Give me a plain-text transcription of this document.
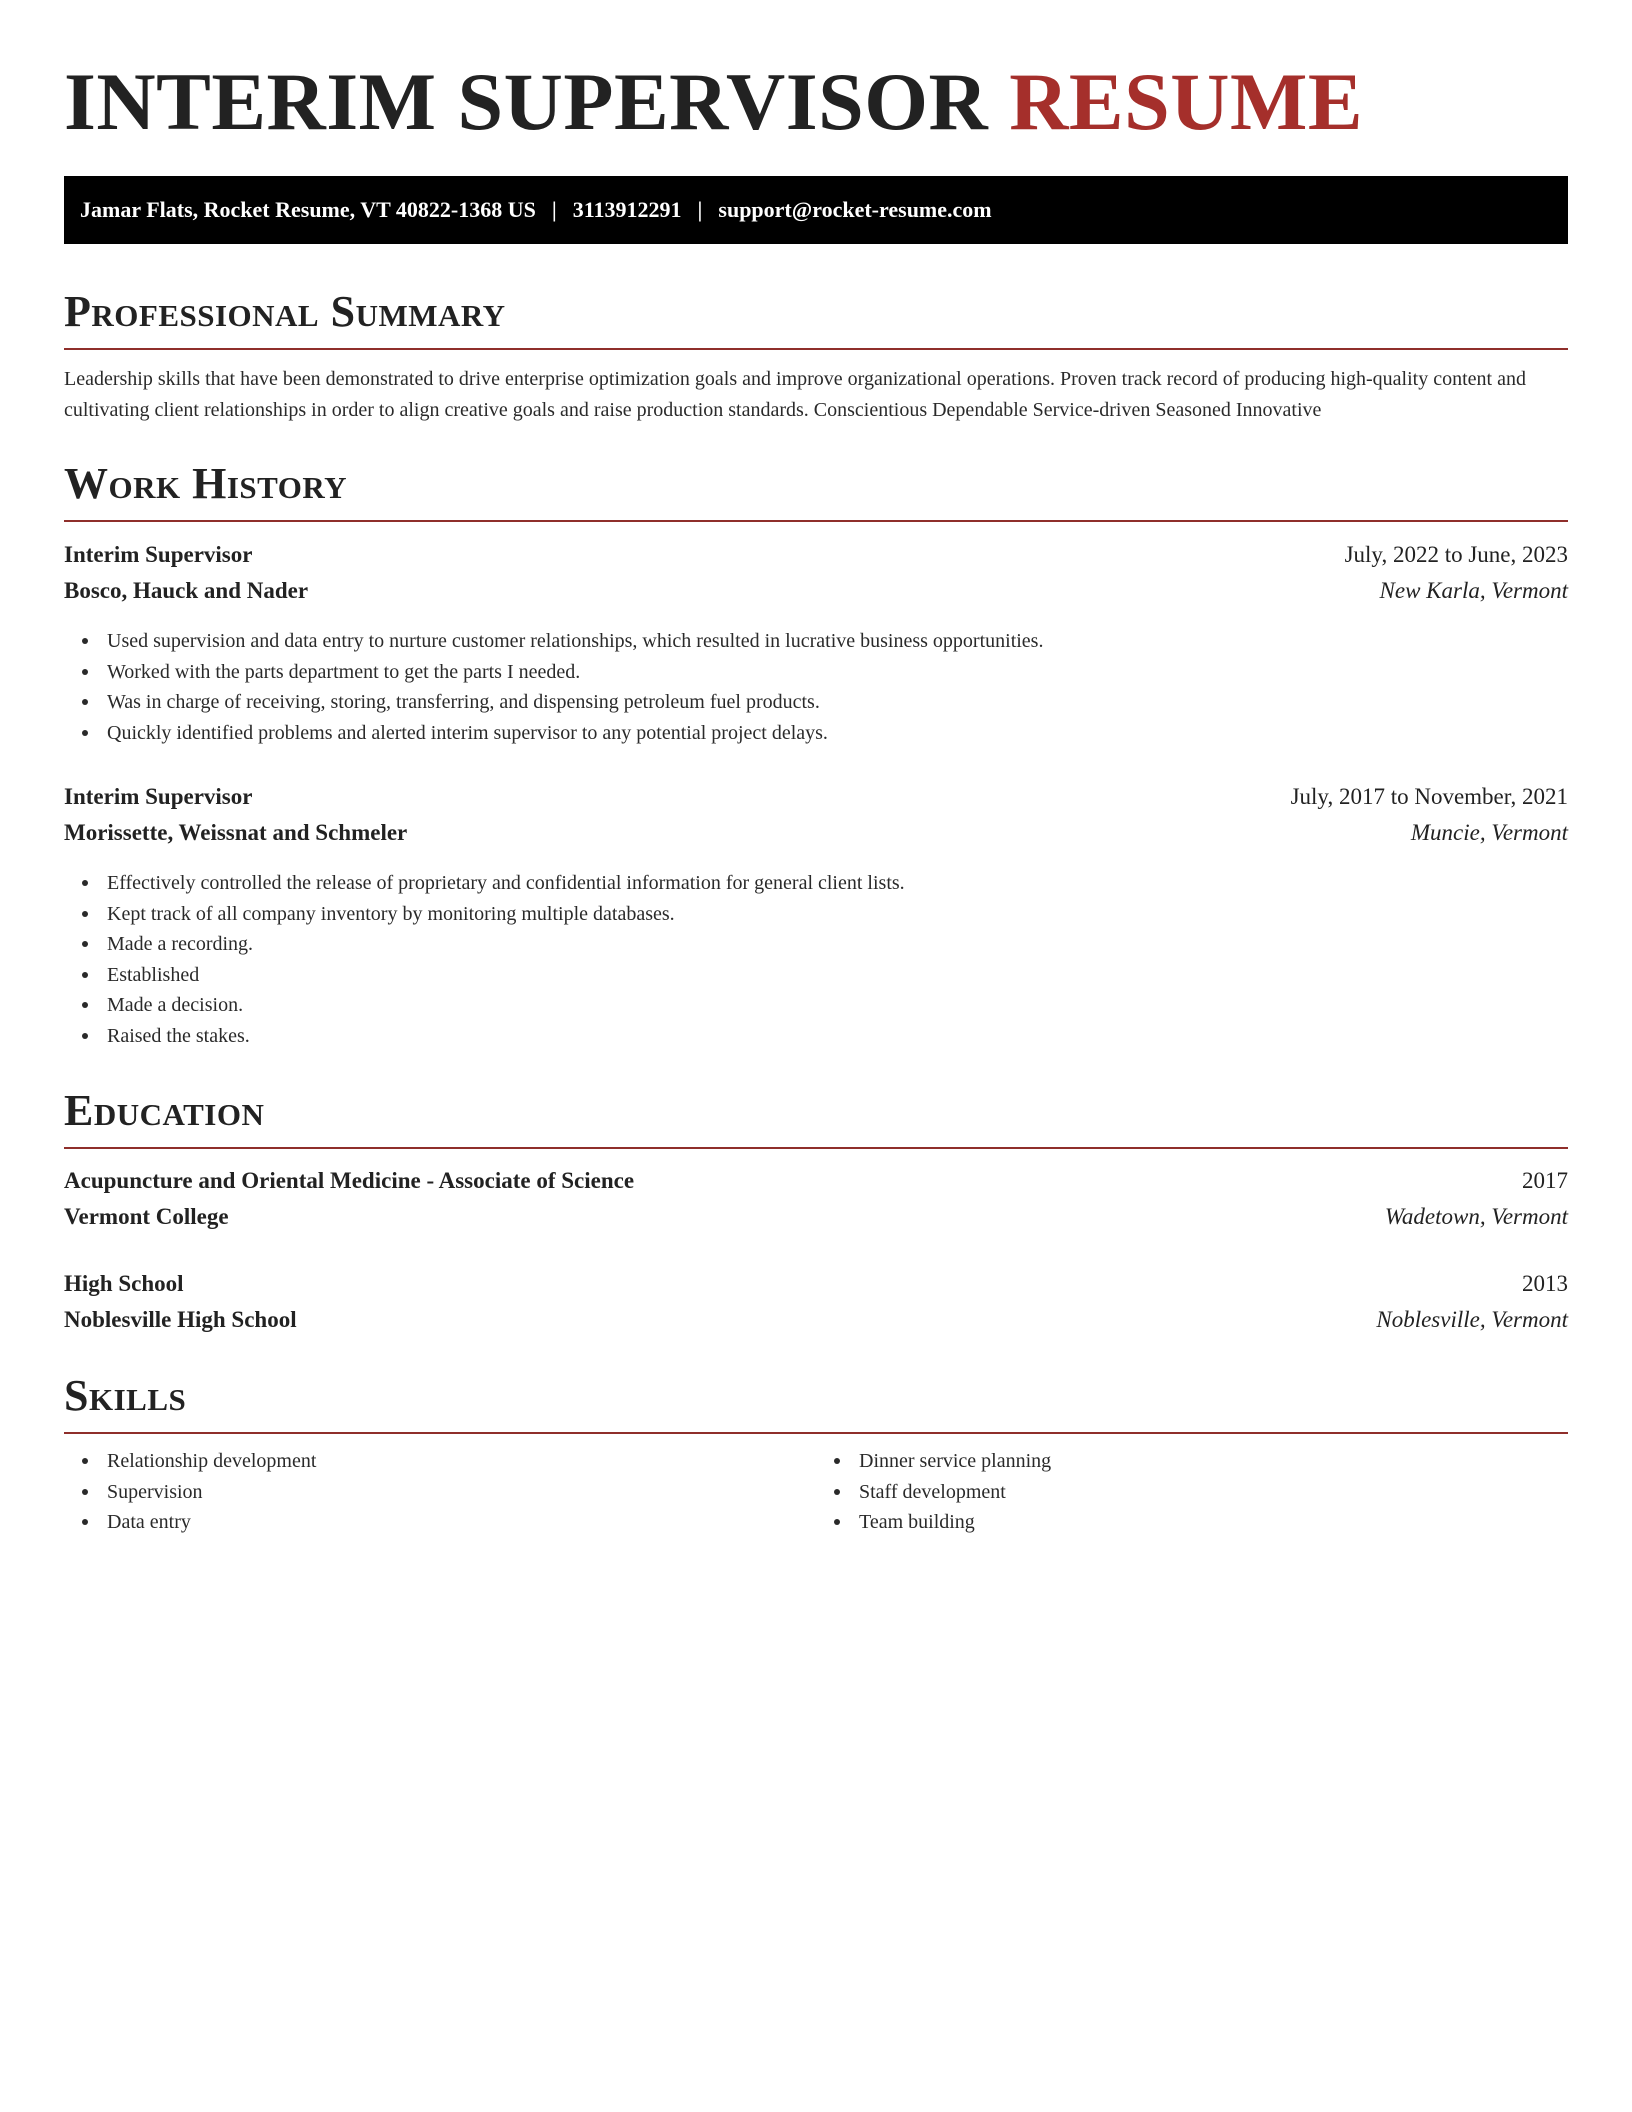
INTERIM SUPERVISOR RESUME
Jamar Flats, Rocket Resume, VT 40822-1368 US | 3113912291 | support@rocket-resume.com
Professional Summary

Leadership skills that have been demonstrated to drive enterprise optimization goals and improve organizational operations. Proven track record of producing high-quality content and cultivating client relationships in order to align creative goals and raise production standards. Conscientious Dependable Service-driven Seasoned Innovative

Work History
Interim Supervisor	July, 2022 to June, 2023
Bosco, Hauck and Nader	New Karla, Vermont
Used supervision and data entry to nurture customer relationships, which resulted in lucrative business opportunities.
Worked with the parts department to get the parts I needed.
Was in charge of receiving, storing, transferring, and dispensing petroleum fuel products.
Quickly identified problems and alerted interim supervisor to any potential project delays.
Interim Supervisor	July, 2017 to November, 2021
Morissette, Weissnat and Schmeler	Muncie, Vermont
Effectively controlled the release of proprietary and confidential information for general client lists.
Kept track of all company inventory by monitoring multiple databases.
Made a recording.
Established
Made a decision.
Raised the stakes.
Education
Acupuncture and Oriental Medicine - Associate of Science	2017
Vermont College	Wadetown, Vermont
High School	2013
Noblesville High School	Noblesville, Vermont
Skills
Relationship development
Supervision
Data entry
Dinner service planning
Staff development
Team building
